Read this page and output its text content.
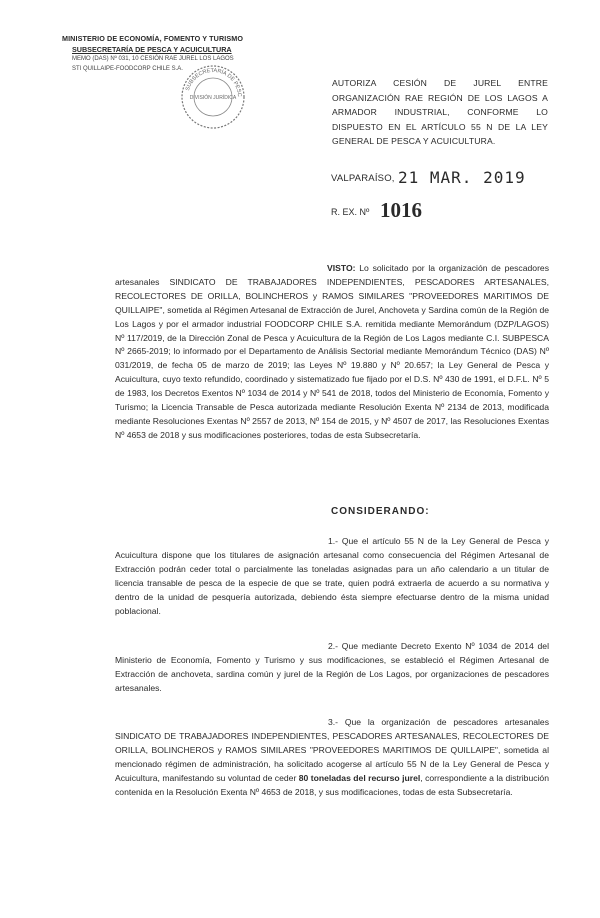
MINISTERIO DE ECONOMÍA, FOMENTO Y TURISMO
SUBSECRETARÍA DE PESCA Y ACUICULTURA
MEMO (DAS) Nº 031, 10 CESIÓN RAE JUREL LOS LAGOS
STI QUILLAIPE-FOODCORP CHILE S.A.
SUBSECRETARÍA DE PESC
DIVISIÓN JURÍDICA
AUTORIZA CESIÓN DE JUREL ENTRE ORGANIZACIÓN RAE REGIÓN DE LOS LAGOS A ARMADOR INDUSTRIAL, CONFORME LO DISPUESTO EN EL ARTÍCULO 55 N DE LA LEY GENERAL DE PESCA Y ACUICULTURA.
VALPARAÍSO, 21 MAR. 2019
R. EX. Nº 1016
VISTO: Lo solicitado por la organización de pescadores artesanales SINDICATO DE TRABAJADORES INDEPENDIENTES, PESCADORES ARTESANALES, RECOLECTORES DE ORILLA, BOLINCHEROS y RAMOS SIMILARES "PROVEEDORES MARITIMOS DE QUILLAIPE", sometida al Régimen Artesanal de Extracción de Jurel, Anchoveta y Sardina común de la Región de Los Lagos y por el armador industrial FOODCORP CHILE S.A. remitida mediante Memorándum (DZP/LAGOS) Nº 117/2019, de la Dirección Zonal de Pesca y Acuicultura de la Región de Los Lagos mediante C.I. SUBPESCA Nº 2665-2019; lo informado por el Departamento de Análisis Sectorial mediante Memorándum Técnico (DAS) Nº 031/2019, de fecha 05 de marzo de 2019; las Leyes Nº 19.880 y Nº 20.657; la Ley General de Pesca y Acuicultura, cuyo texto refundido, coordinado y sistematizado fue fijado por el D.S. Nº 430 de 1991, el D.F.L. Nº 5 de 1983, los Decretos Exentos Nº 1034 de 2014 y Nº 541 de 2018, todos del Ministerio de Economía, Fomento y Turismo; la Licencia Transable de Pesca autorizada mediante Resolución Exenta Nº 2134 de 2013, modificada mediante Resoluciones Exentas Nº 2557 de 2013, Nº 154 de 2015, y Nº 4507 de 2017, las Resoluciones Exentas Nº 4653 de 2018 y sus modificaciones posteriores, todas de esta Subsecretaría.
CONSIDERANDO:
1.- Que el artículo 55 N de la Ley General de Pesca y Acuicultura dispone que los titulares de asignación artesanal como consecuencia del Régimen Artesanal de Extracción podrán ceder total o parcialmente las toneladas asignadas para un año calendario a un titular de licencia transable de pesca de la especie de que se trate, quien podrá extraerla de acuerdo a su normativa y dentro de la unidad de pesquería autorizada, debiendo ésta siempre efectuarse dentro de la misma unidad poblacional.
2.- Que mediante Decreto Exento Nº 1034 de 2014 del Ministerio de Economía, Fomento y Turismo y sus modificaciones, se estableció el Régimen Artesanal de Extracción de anchoveta, sardina común y jurel de la Región de Los Lagos, por organizaciones de pescadores artesanales.
3.- Que la organización de pescadores artesanales SINDICATO DE TRABAJADORES INDEPENDIENTES, PESCADORES ARTESANALES, RECOLECTORES DE ORILLA, BOLINCHEROS y RAMOS SIMILARES "PROVEEDORES MARITIMOS DE QUILLAIPE", sometida al mencionado régimen de administración, ha solicitado acogerse al artículo 55 N de la Ley General de Pesca y Acuicultura, manifestando su voluntad de ceder 80 toneladas del recurso jurel, correspondiente a la distribución contenida en la Resolución Exenta Nº 4653 de 2018, y sus modificaciones, todas de esta Subsecretaría.
